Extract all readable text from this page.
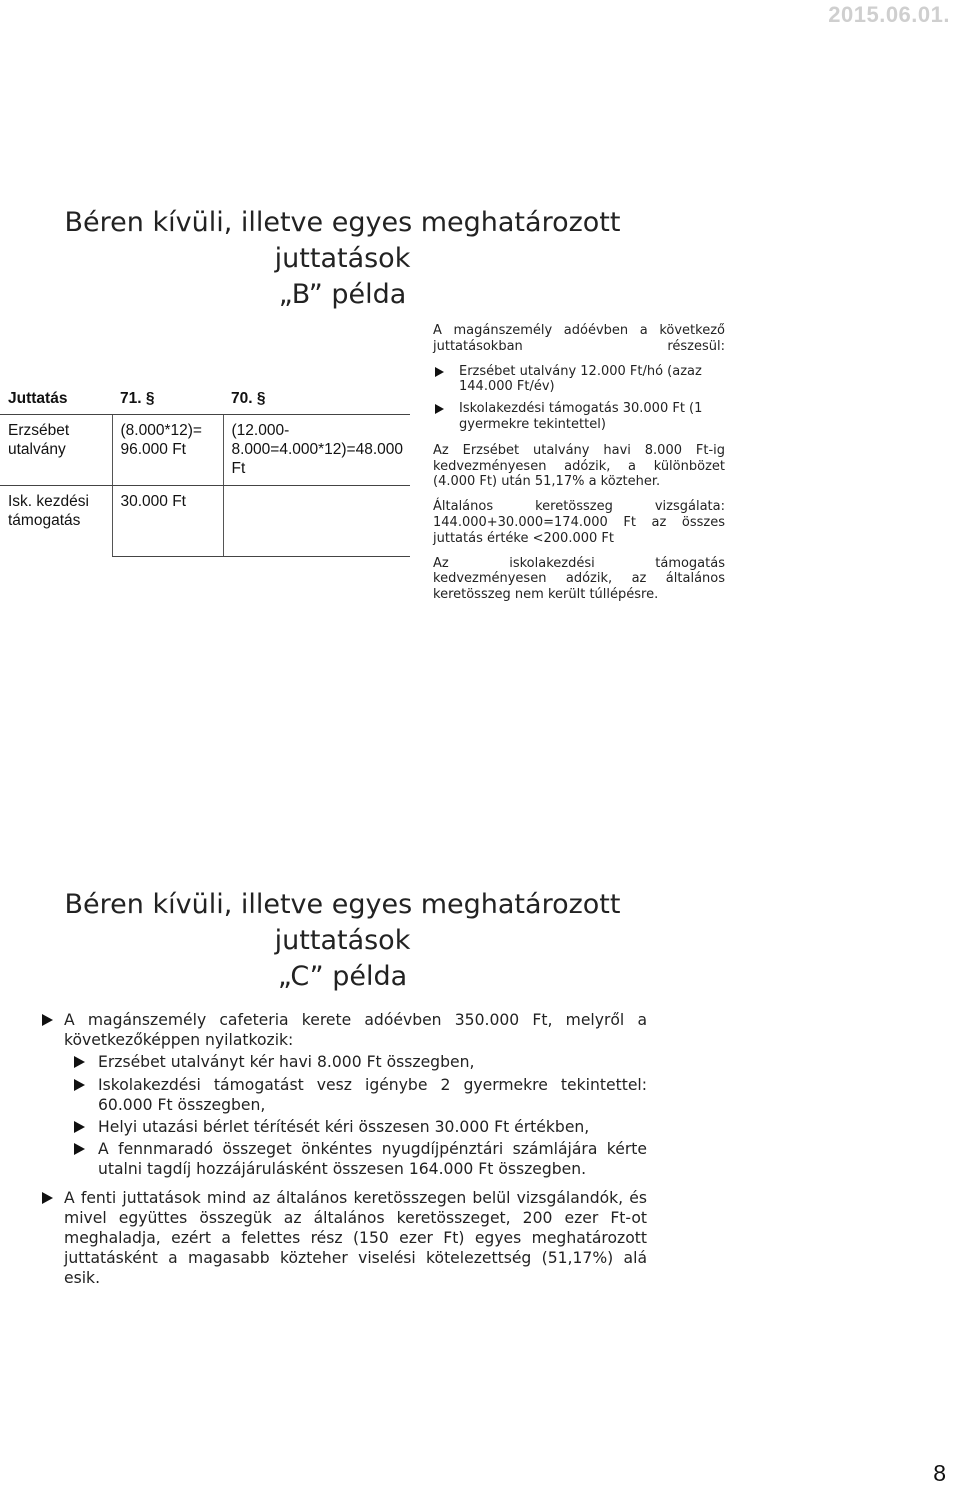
2015.06.01.
Béren kívüli, illetve egyes meghatározott
juttatások
„B” példa
Juttatás	71. §	70. §
Erzsébet utalvány	(8.000*12)= 96.000 Ft	(12.000- 8.000=4.000*12)=48.000 Ft
Isk. kezdési támogatás	30.000 Ft	

A magánszemély adóévben a következő juttatásokban részesül:

Erzsébet utalvány 12.000 Ft/hó (azaz 144.000 Ft/év)
Iskolakezdési támogatás 30.000 Ft (1 gyermekre tekintettel)

Az Erzsébet utalvány havi 8.000 Ft-ig kedvezményesen adózik, a különbözet (4.000 Ft) után 51,17% a közteher.

Általános keretösszeg vizsgálata: 144.000+30.000=174.000 Ft az összes juttatás értéke <200.000 Ft

Az iskolakezdési támogatás kedvezményesen adózik, az általános keretösszeg nem került túllépésre.

Béren kívüli, illetve egyes meghatározott
juttatások
„C” példa
A magánszemély cafeteria kerete adóévben 350.000 Ft, melyről a következőképpen nyilatkozik:
Erzsébet utalványt kér havi 8.000 Ft összegben,
Iskolakezdési támogatást vesz igénybe 2 gyermekre tekintettel: 60.000 Ft összegben,
Helyi utazási bérlet térítését kéri összesen 30.000 Ft értékben,
A fennmaradó összeget önkéntes nyugdíjpénztári számlájára kérte utalni tagdíj hozzájárulásként összesen 164.000 Ft összegben.
A fenti juttatások mind az általános keretösszegen belül vizsgálandók, és mivel együttes összegük az általános keretösszeget, 200 ezer Ft-ot meghaladja, ezért a felettes rész (150 ezer Ft) egyes meghatározott juttatásként a magasabb közteher viselési kötelezettség (51,17%) alá esik.
8
